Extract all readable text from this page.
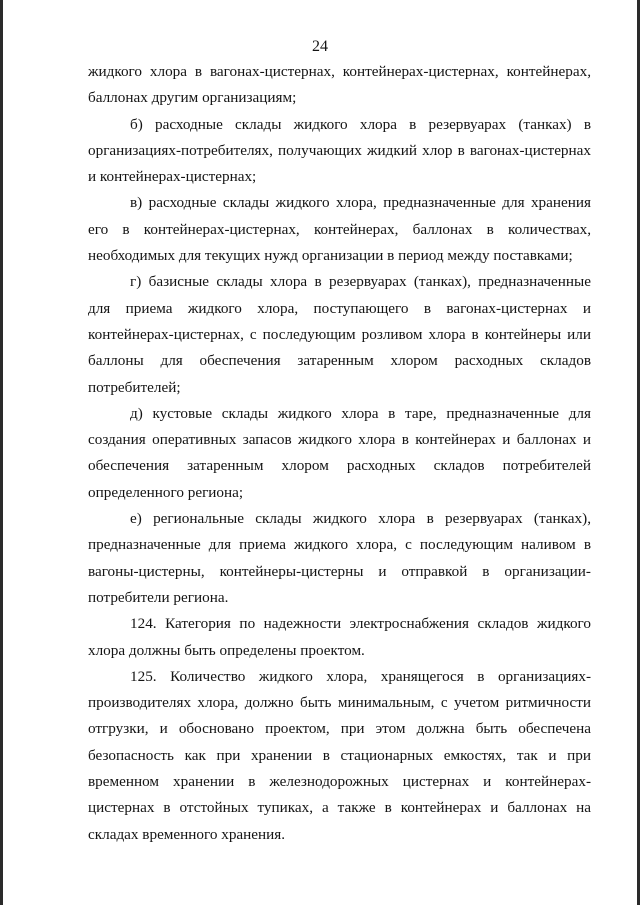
24

жидкого хлора в вагонах-цистернах, контейнерах-цистернах, контейнерах, баллонах другим организациям;

б) расходные склады жидкого хлора в резервуарах (танках) в организациях-потребителях, получающих жидкий хлор в вагонах-цистернах и контейнерах-цистернах;

в) расходные склады жидкого хлора, предназначенные для хранения его в контейнерах-цистернах, контейнерах, баллонах в количествах, необходимых для текущих нужд организации в период между поставками;

г) базисные склады хлора в резервуарах (танках), предназначенные для приема жидкого хлора, поступающего в вагонах-цистернах и контейнерах-цистернах, с последующим розливом хлора в контейнеры или баллоны для обеспечения затаренным хлором расходных складов потребителей;

д) кустовые склады жидкого хлора в таре, предназначенные для создания оперативных запасов жидкого хлора в контейнерах и баллонах и обеспечения затаренным хлором расходных складов потребителей определенного региона;

е) региональные склады жидкого хлора в резервуарах (танках), предназначенные для приема жидкого хлора, с последующим наливом в вагоны-цистерны, контейнеры-цистерны и отправкой в организации-потребители региона.

124. Категория по надежности электроснабжения складов жидкого хлора должны быть определены проектом.

125. Количество жидкого хлора, хранящегося в организациях-производителях хлора, должно быть минимальным, с учетом ритмичности отгрузки, и обосновано проектом, при этом должна быть обеспечена безопасность как при хранении в стационарных емкостях, так и при временном хранении в железнодорожных цистернах и контейнерах-цистернах в отстойных тупиках, а также в контейнерах и баллонах на складах временного хранения.
